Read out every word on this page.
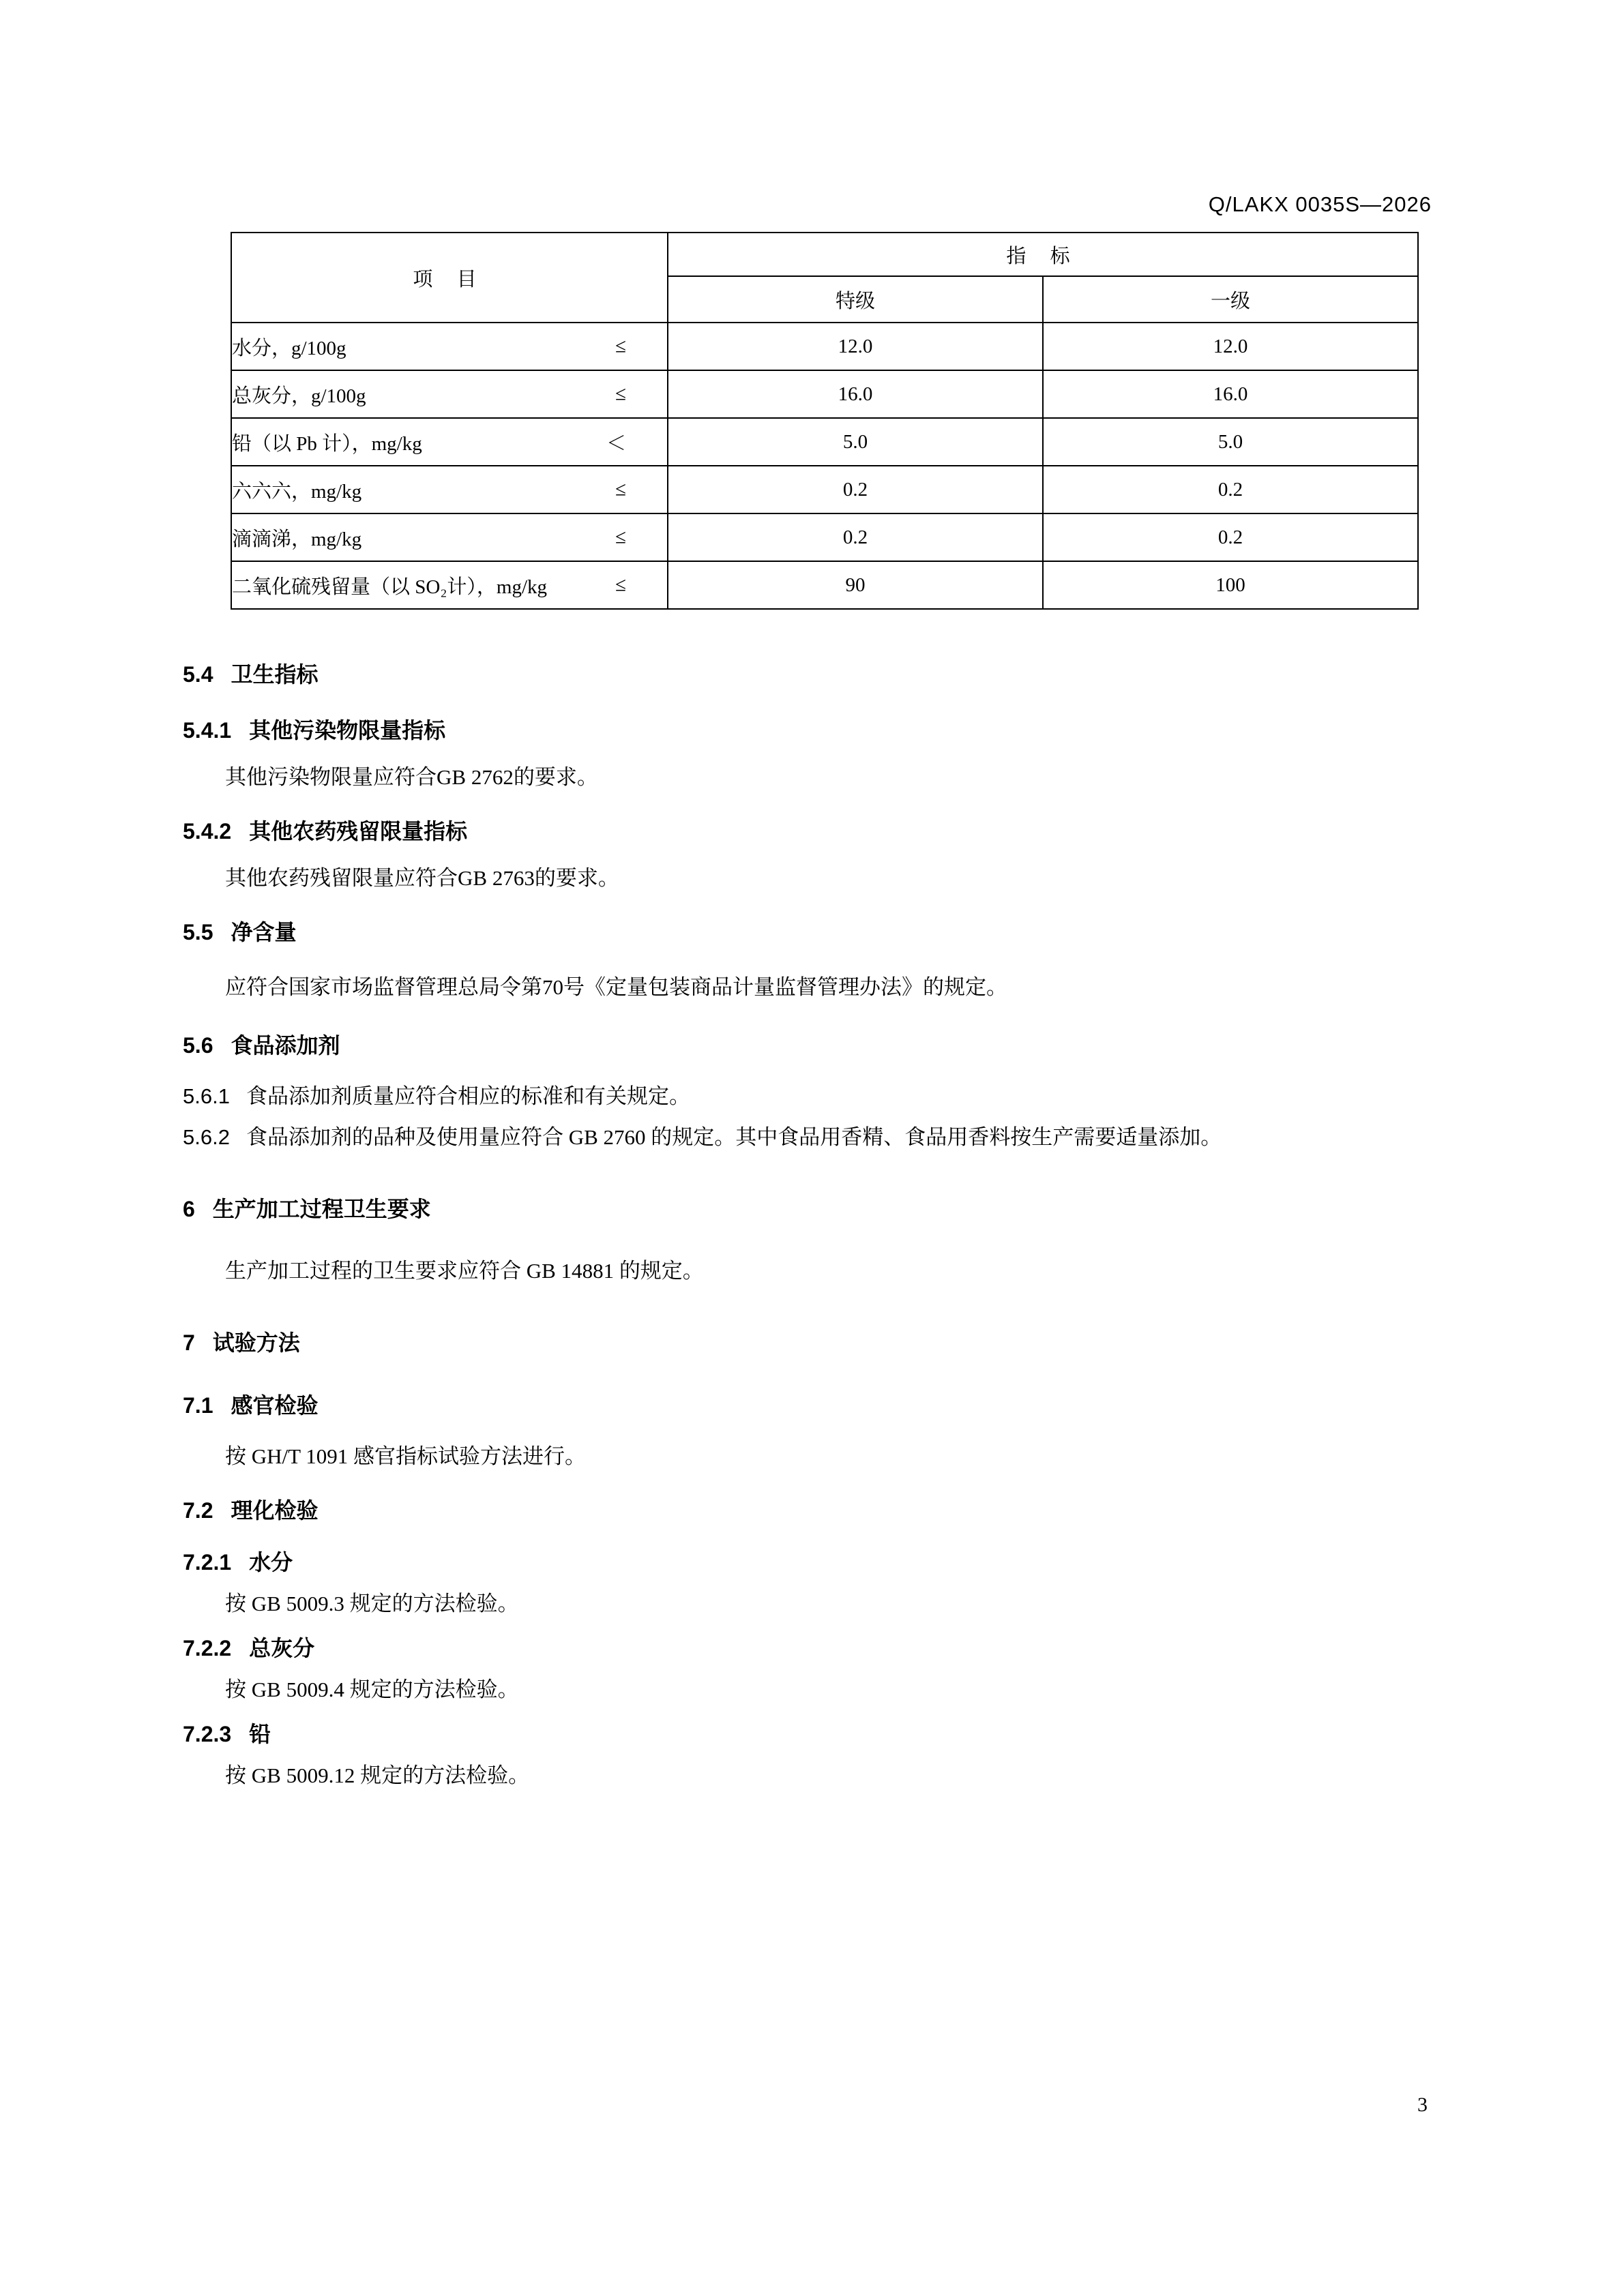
Q/LAKX 0035S—2026
项 目	指 标	
	特级	一级
水分，g/100g ≤	12.0	12.0
总灰分，g/100g ≤	16.0	16.0
铅（以 Pb 计），mg/kg ＜	5.0	5.0
六六六，mg/kg ≤	0.2	0.2
滴滴涕，mg/kg ≤	0.2	0.2
二氧化硫残留量（以 SO₂计），mg/kg ≤	90	100
5.4 卫生指标
5.4.1 其他污染物限量指标
其他污染物限量应符合GB 2762的要求。
5.4.2 其他农药残留限量指标
其他农药残留限量应符合GB 2763的要求。
5.5 净含量
应符合国家市场监督管理总局令第70号《定量包装商品计量监督管理办法》的规定。
5.6 食品添加剂
5.6.1 食品添加剂质量应符合相应的标准和有关规定。
5.6.2 食品添加剂的品种及使用量应符合 GB 2760 的规定。其中食品用香精、食品用香料按生产需要适量添加。
6 生产加工过程卫生要求
生产加工过程的卫生要求应符合 GB 14881 的规定。
7 试验方法
7.1 感官检验
按 GH/T 1091 感官指标试验方法进行。
7.2 理化检验
7.2.1 水分
按 GB 5009.3 规定的方法检验。
7.2.2 总灰分
按 GB 5009.4 规定的方法检验。
7.2.3 铅
按 GB 5009.12 规定的方法检验。
3
